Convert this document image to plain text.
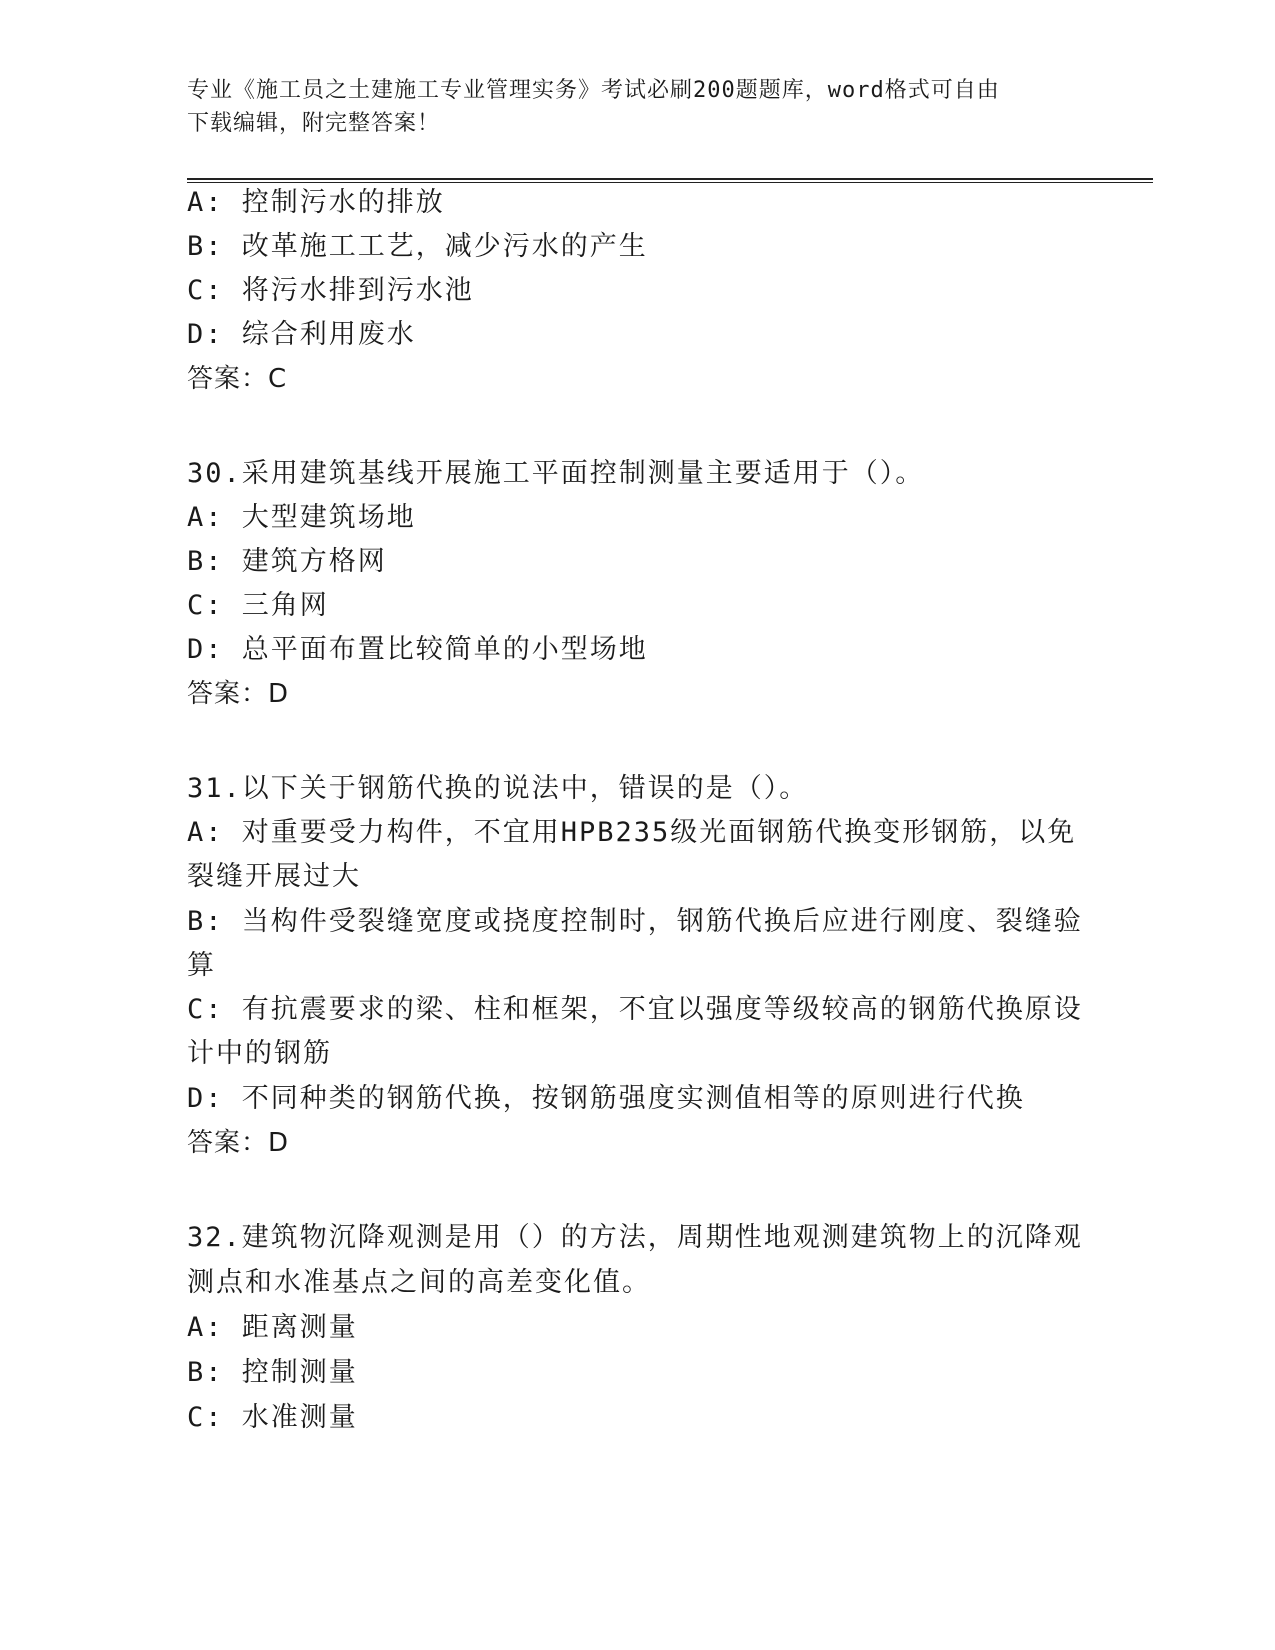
专业《施工员之土建施工专业管理实务》考试必刷200题题库，word格式可自由
下载编辑，附完整答案！
A: 控制污水的排放
B: 改革施工工艺，减少污水的产生
C: 将污水排到污水池
D: 综合利用废水
答案：C
30.采用建筑基线开展施工平面控制测量主要适用于（）。
A: 大型建筑场地
B: 建筑方格网
C: 三角网
D: 总平面布置比较简单的小型场地
答案：D
31.以下关于钢筋代换的说法中，错误的是（）。
A: 对重要受力构件，不宜用HPB235级光面钢筋代换变形钢筋，以免
裂缝开展过大
B: 当构件受裂缝宽度或挠度控制时，钢筋代换后应进行刚度、裂缝验
算
C: 有抗震要求的梁、柱和框架，不宜以强度等级较高的钢筋代换原设
计中的钢筋
D: 不同种类的钢筋代换，按钢筋强度实测值相等的原则进行代换
答案：D
32.建筑物沉降观测是用（）的方法，周期性地观测建筑物上的沉降观
测点和水准基点之间的高差变化值。
A: 距离测量
B: 控制测量
C: 水准测量
